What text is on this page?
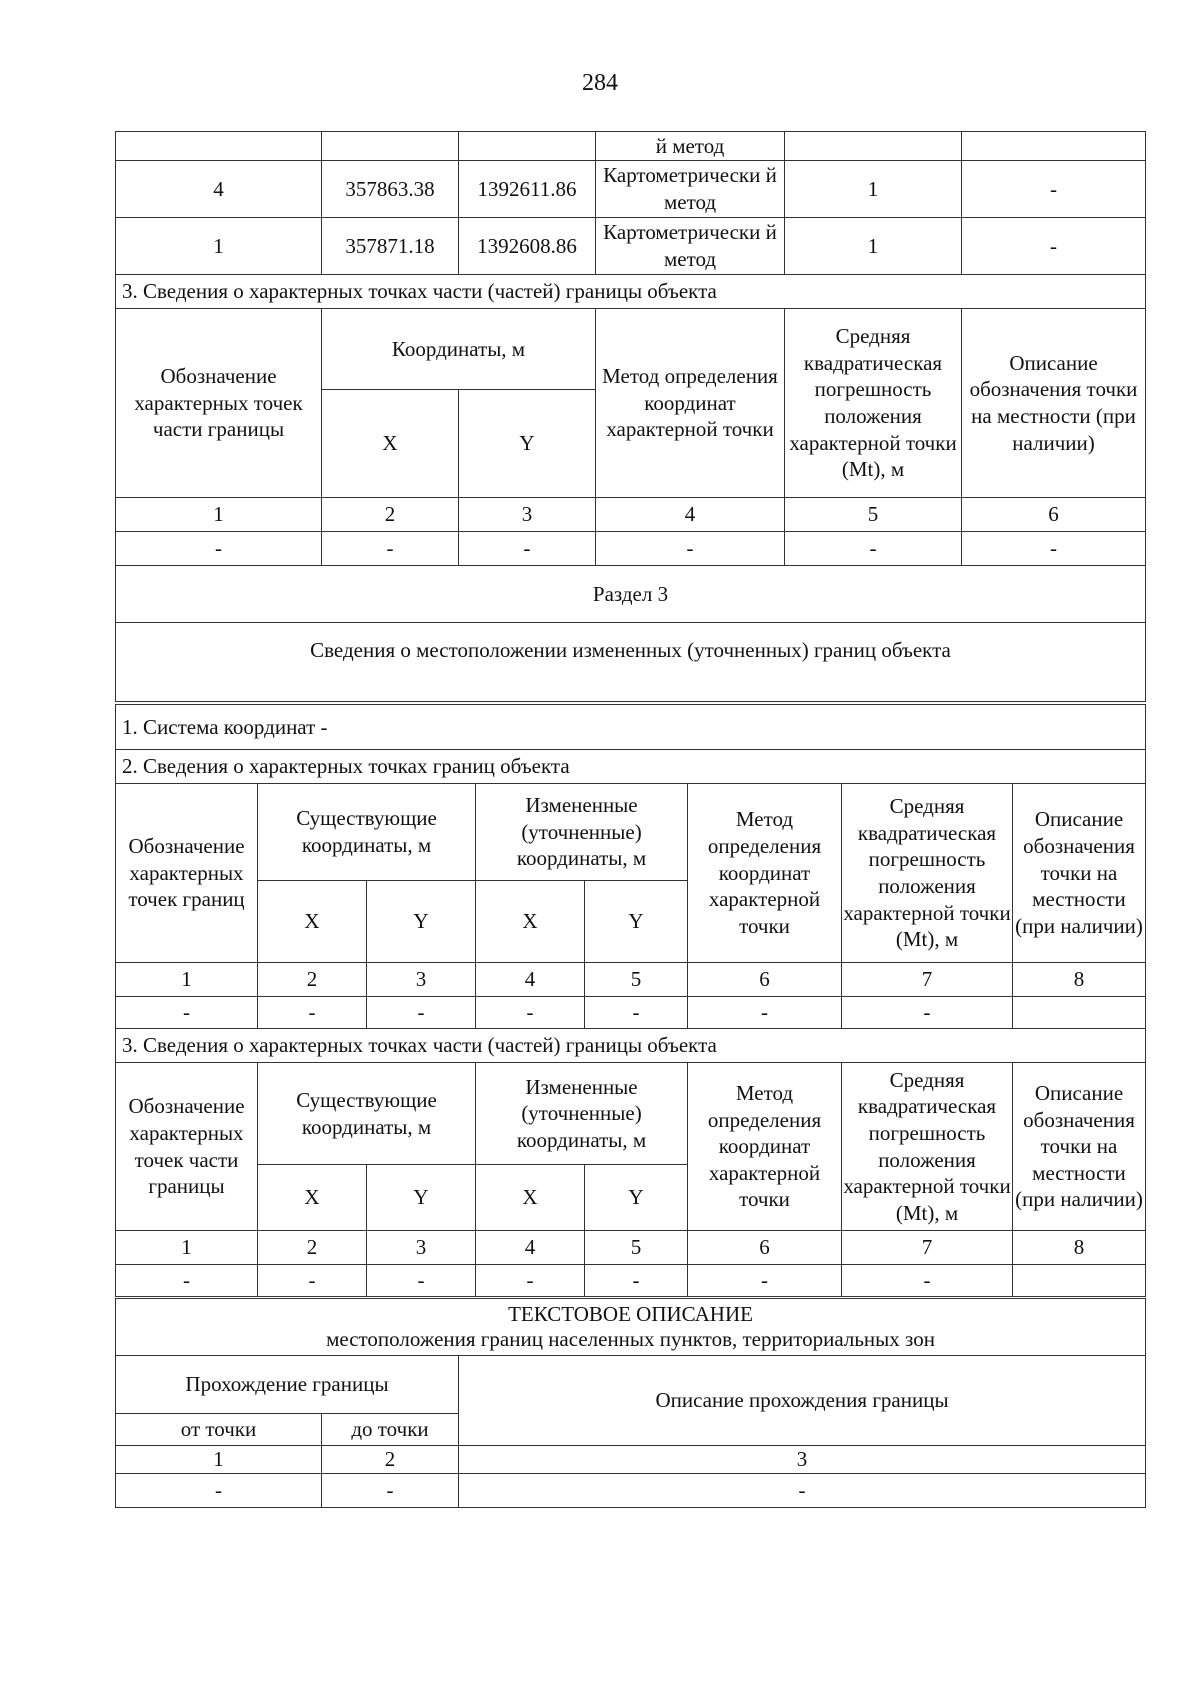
284
			й метод		
4	357863.38	1392611.86	Картометрически й метод	1	-
1	357871.18	1392608.86	Картометрически й метод	1	-
3. Сведения о характерных точках части (частей) границы объекта					
Обозначение характерных точек части границы	Координаты, м		Метод определения координат характерной точки	Средняя квадратическая погрешность положения характерной точки (Mt), м	Описание обозначения точки на местности (при наличии)
	X	Y			
1	2	3	4	5	6
-	-	-	-	-	-
Раздел 3					
Сведения о местоположении измененных (уточненных) границ объекта					
1. Система координат -							
2. Сведения о характерных точках границ объекта							
Обозначение характерных точек границ	Существующие координаты, м		Измененные (уточненные) координаты, м		Метод определения координат характерной точки	Средняя квадратическая погрешность положения характерной точки (Mt), м	Описание обозначения точки на местности (при наличии)
	X	Y	X	Y			
1	2	3	4	5	6	7	8
-	-	-	-	-	-	-	
3. Сведения о характерных точках части (частей) границы объекта							
Обозначение характерных точек части границы	Существующие координаты, м		Измененные (уточненные) координаты, м		Метод определения координат характерной точки	Средняя квадратическая погрешность положения характерной точки (Mt), м	Описание обозначения точки на местности (при наличии)
	X	Y	X	Y			
1	2	3	4	5	6	7	8
-	-	-	-	-	-	-	
ТЕКСТОВОЕ ОПИСАНИЕ
местоположения границ населенных пунктов, территориальных зон		

Прохождение границы		Описание прохождения границы
от точки	до точки	
1	2	3
-	-	-
